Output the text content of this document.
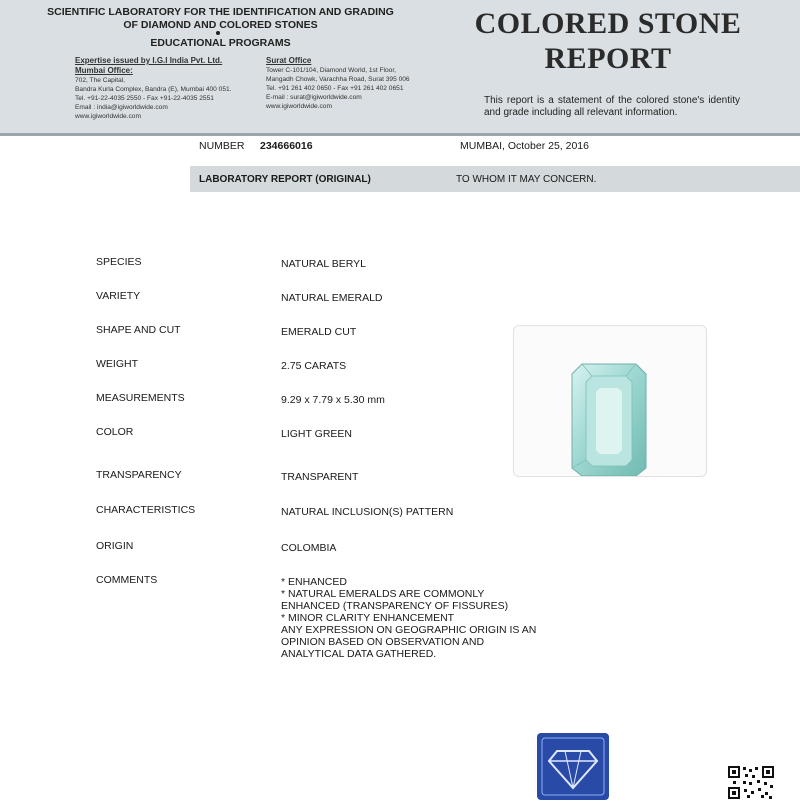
SCIENTIFIC LABORATORY FOR THE IDENTIFICATION AND GRADING
OF DIAMOND AND COLORED STONES
EDUCATIONAL PROGRAMS
Expertise issued by I.G.I India Pvt. Ltd.
Mumbai Office:
702, The Capital,
Bandra Kurla Complex, Bandra (E), Mumbai 400 051.
Tel. +91-22-4035 2550 - Fax +91-22-4035 2551
Email : india@igiworldwide.com
www.igiworldwide.com
Surat Office
Tower C-101/104, Diamond World, 1st Floor,
Mangadh Chowk, Varachha Road, Surat 395 006
Tel. +91 261 402 0650 - Fax +91 261 402 0651
E-mail : surat@igiworldwide.com
www.igiworldwide.com
COLORED STONE
REPORT
This report is a statement of the colored stone's identity and grade including all relevant information.
NUMBER 234666016	MUMBAI, October 25, 2016
LABORATORY REPORT (ORIGINAL)	TO WHOM IT MAY CONCERN.
SPECIES	NATURAL BERYL
VARIETY	NATURAL EMERALD
SHAPE AND CUT	EMERALD CUT
WEIGHT	2.75 CARATS
MEASUREMENTS	9.29 x 7.79 x 5.30 mm
COLOR	LIGHT GREEN
TRANSPARENCY	TRANSPARENT
CHARACTERISTICS	NATURAL INCLUSION(S) PATTERN
ORIGIN	COLOMBIA
COMMENTS	* ENHANCED
* NATURAL EMERALDS ARE COMMONLY
ENHANCED (TRANSPARENCY OF FISSURES)
* MINOR CLARITY ENHANCEMENT
ANY EXPRESSION ON GEOGRAPHIC ORIGIN IS AN
OPINION BASED ON OBSERVATION AND
ANALYTICAL DATA GATHERED.
